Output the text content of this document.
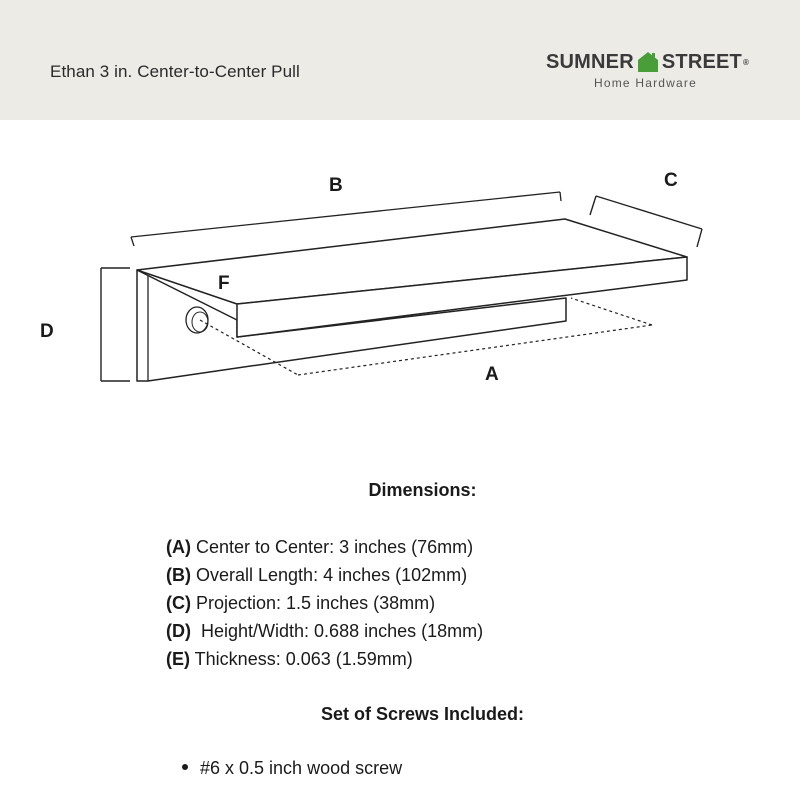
Ethan 3 in. Center-to-Center Pull	SUMNER STREET ®
Home Hardware
B	C
D
F
A
Dimensions:
(A) Center to Center: 3 inches (76mm)
(B) Overall Length: 4 inches (102mm)
(C) Projection: 1.5 inches (38mm)
(D)  Height/Width: 0.688 inches (18mm)
(E) Thickness: 0.063 (1.59mm)
Set of Screws Included:
#6 x 0.5 inch wood screw
